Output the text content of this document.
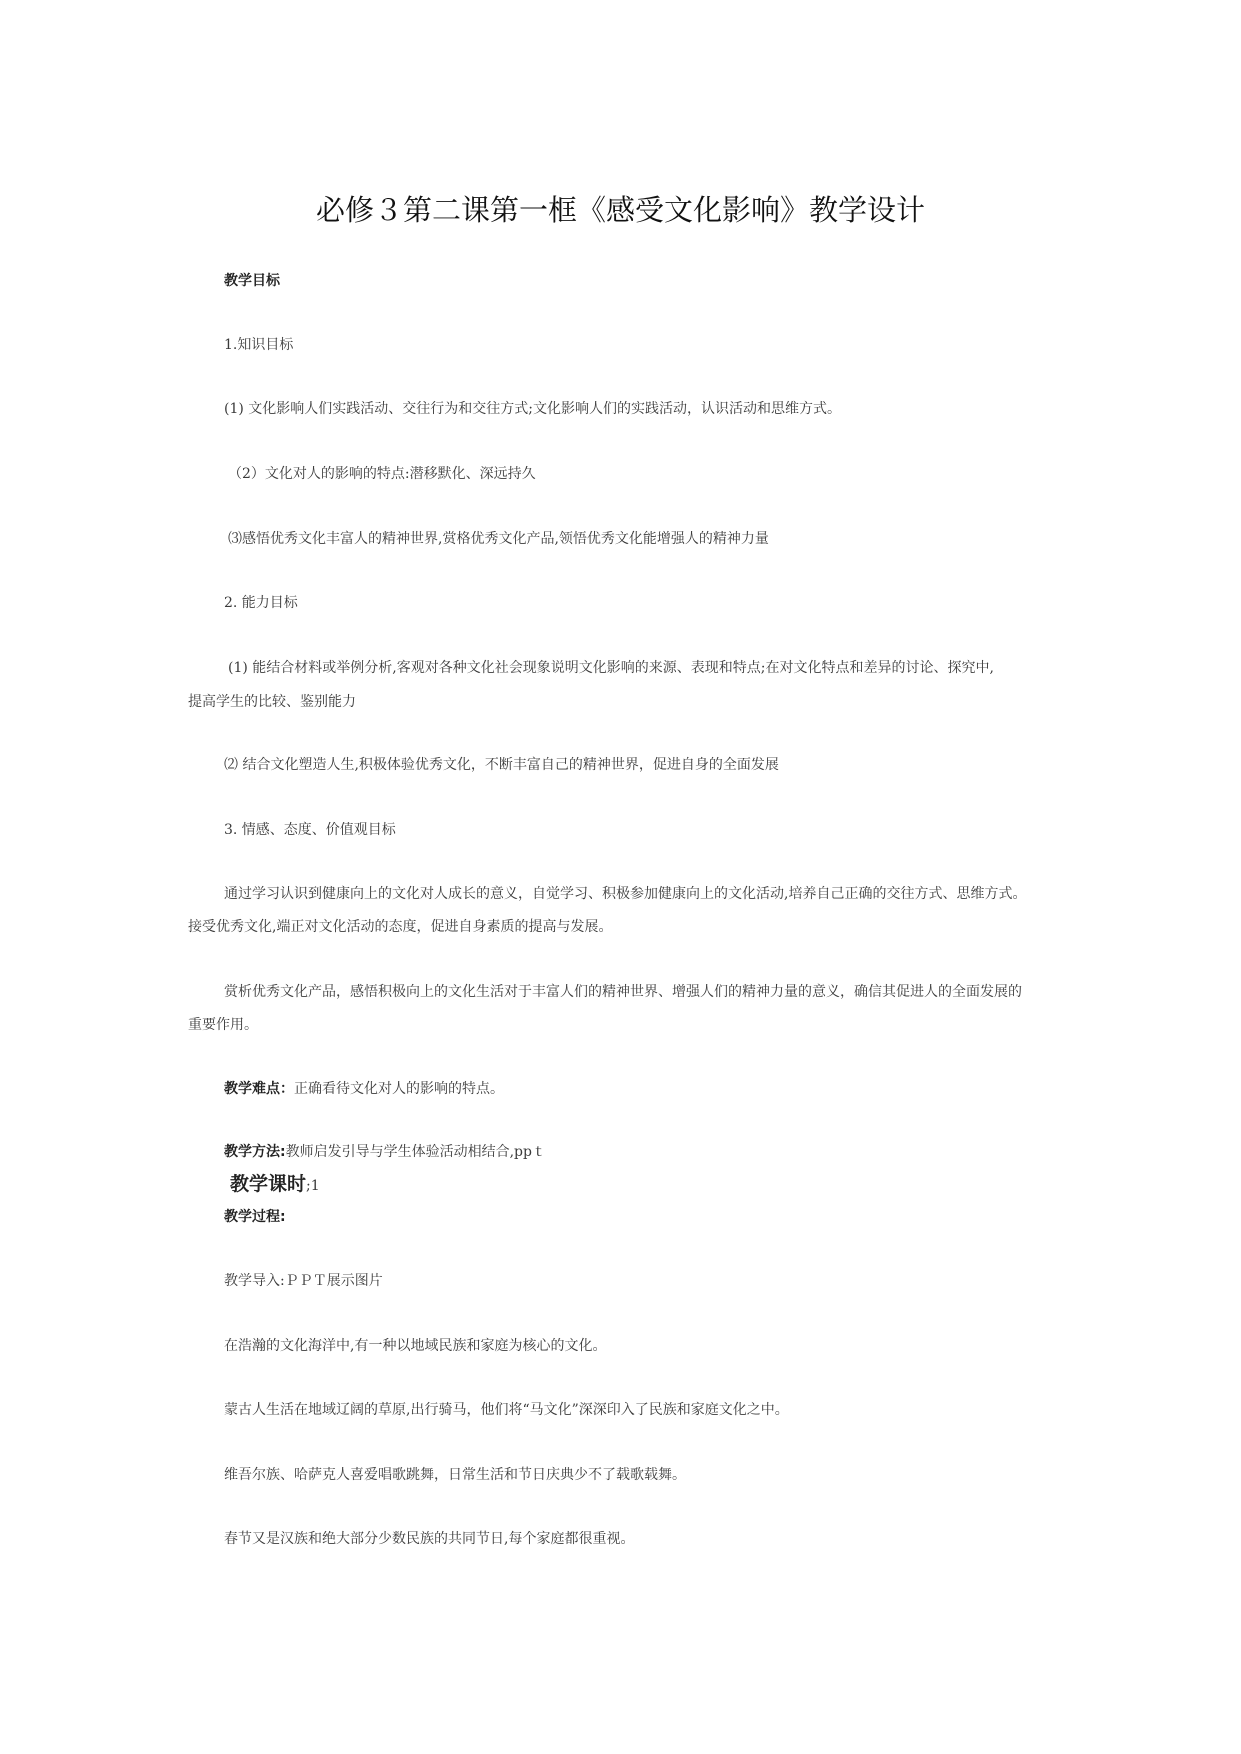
必修３第二课第一框《感受文化影响》教学设计
教学目标
1.知识目标
(1) 文化影响人们实践活动、交往行为和交往方式;文化影响人们的实践活动，认识活动和思维方式。
（2）文化对人的影响的特点:潜移默化、深远持久
⑶感悟优秀文化丰富人的精神世界,赏格优秀文化产品,领悟优秀文化能增强人的精神力量
2. 能力目标
(1) 能结合材料或举例分析,客观对各种文化社会现象说明文化影响的来源、表现和特点;在对文化特点和差异的讨论、探究中,
提高学生的比较、鉴别能力
⑵ 结合文化塑造人生,积极体验优秀文化，不断丰富自己的精神世界，促进自身的全面发展
3. 情感、态度、价值观目标
通过学习认识到健康向上的文化对人成长的意义，自觉学习、积极参加健康向上的文化活动,培养自己正确的交往方式、思维方式。
接受优秀文化,端正对文化活动的态度，促进自身素质的提高与发展。
赏析优秀文化产品，感悟积极向上的文化生活对于丰富人们的精神世界、增强人们的精神力量的意义，确信其促进人的全面发展的
重要作用。
教学难点：正确看待文化对人的影响的特点。
教学方法:教师启发引导与学生体验活动相结合,ppｔ
教学课时;1
教学过程:
教学导入:ＰＰＴ展示图片
在浩瀚的文化海洋中,有一种以地域民族和家庭为核心的文化。
蒙古人生活在地域辽阔的草原,出行骑马，他们将“马文化”深深印入了民族和家庭文化之中。
维吾尔族、哈萨克人喜爱唱歌跳舞，日常生活和节日庆典少不了载歌载舞。
春节又是汉族和绝大部分少数民族的共同节日,每个家庭都很重视。
